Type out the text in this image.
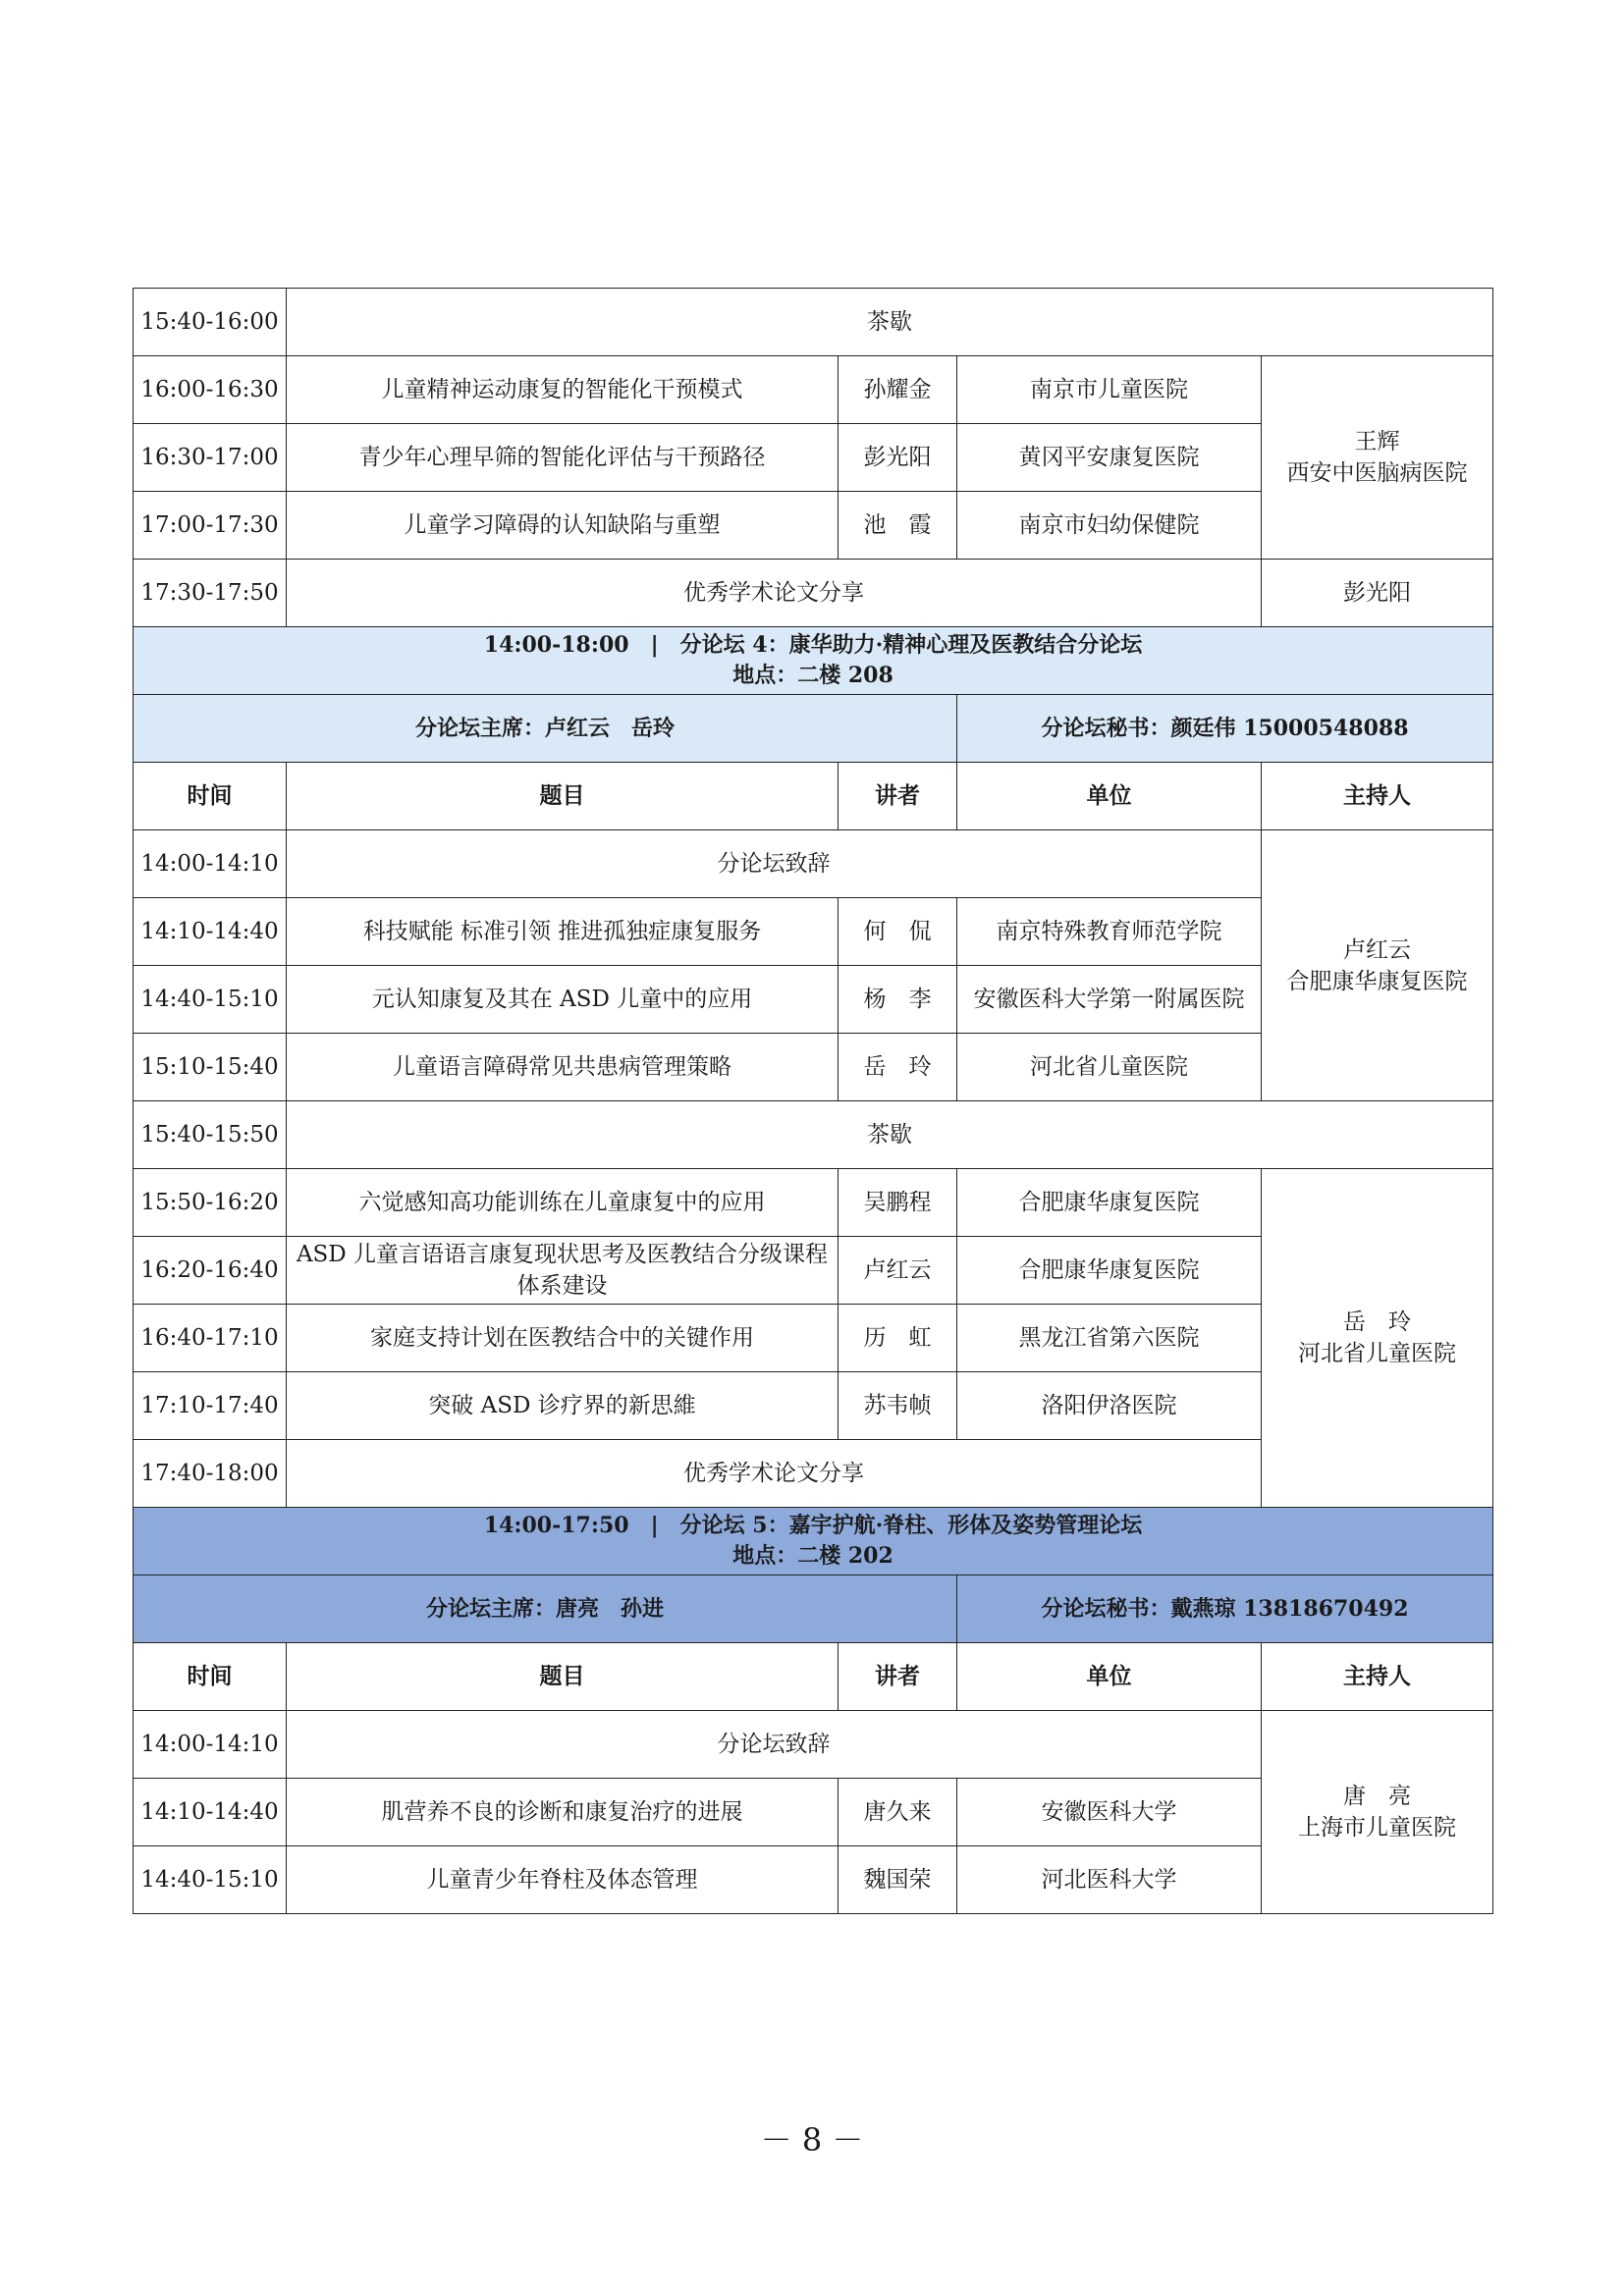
15:40-16:00	茶歇			
16:00-16:30	儿童精神运动康复的智能化干预模式	孙耀金	南京市儿童医院	王辉
西安中医脑病医院

16:30-17:00	青少年心理早筛的智能化评估与干预路径	彭光阳	黄冈平安康复医院	
17:00-17:30	儿童学习障碍的认知缺陷与重塑	池　霞	南京市妇幼保健院	
17:30-17:50	优秀学术论文分享			彭光阳

14:00-18:00　|　分论坛 4：康华助力·精神心理及医教结合分论坛
地点：二楼 208				

分论坛主席：卢红云　岳玲			分论坛秘书：颜廷伟 15000548088	
时间	题目	讲者	单位	主持人
14:00-14:10	分论坛致辞			卢红云
合肥康华康复医院

14:10-14:40	科技赋能 标准引领 推进孤独症康复服务	何　侃	南京特殊教育师范学院	
14:40-15:10	元认知康复及其在 ASD 儿童中的应用	杨　李	安徽医科大学第一附属医院	
15:10-15:40	儿童语言障碍常见共患病管理策略	岳　玲	河北省儿童医院	
15:40-15:50	茶歇			
15:50-16:20	六觉感知高功能训练在儿童康复中的应用	吴鹏程	合肥康华康复医院	岳　玲
河北省儿童医院

16:20-16:40	ASD 儿童言语语言康复现状思考及医教结合分级课程体系建设	卢红云	合肥康华康复医院	
16:40-17:10	家庭支持计划在医教结合中的关键作用	历　虹	黑龙江省第六医院	
17:10-17:40	突破 ASD 诊疗界的新思維	苏韦帧	洛阳伊洛医院	
17:40-18:00	优秀学术论文分享			

14:00-17:50　|　分论坛 5：嘉宇护航·脊柱、形体及姿势管理论坛
地点：二楼 202				

分论坛主席：唐亮　孙进			分论坛秘书：戴燕琼 13818670492	
时间	题目	讲者	单位	主持人
14:00-14:10	分论坛致辞			唐　亮
上海市儿童医院

14:10-14:40	肌营养不良的诊断和康复治疗的进展	唐久来	安徽医科大学	
14:40-15:10	儿童青少年脊柱及体态管理	魏国荣	河北医科大学	
－ 8 －
